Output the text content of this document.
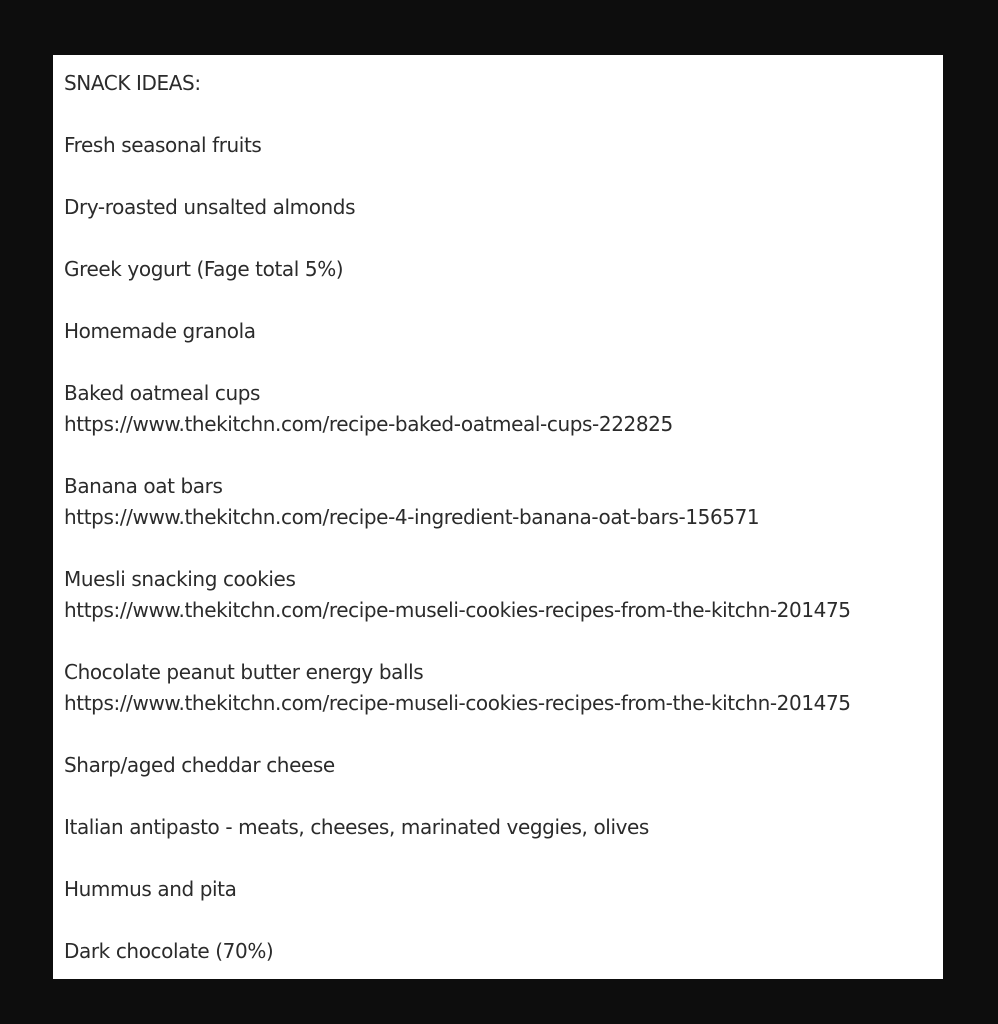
SNACK IDEAS:

Fresh seasonal fruits

Dry-roasted unsalted almonds

Greek yogurt (Fage total 5%)

Homemade granola

Baked oatmeal cups

https://www.thekitchn.com/recipe-baked-oatmeal-cups-222825

Banana oat bars

https://www.thekitchn.com/recipe-4-ingredient-banana-oat-bars-156571

Muesli snacking cookies

https://www.thekitchn.com/recipe-museli-cookies-recipes-from-the-kitchn-201475

Chocolate peanut butter energy balls

https://www.thekitchn.com/recipe-museli-cookies-recipes-from-the-kitchn-201475

Sharp/aged cheddar cheese

Italian antipasto - meats, cheeses, marinated veggies, olives

Hummus and pita

Dark chocolate (70%)
